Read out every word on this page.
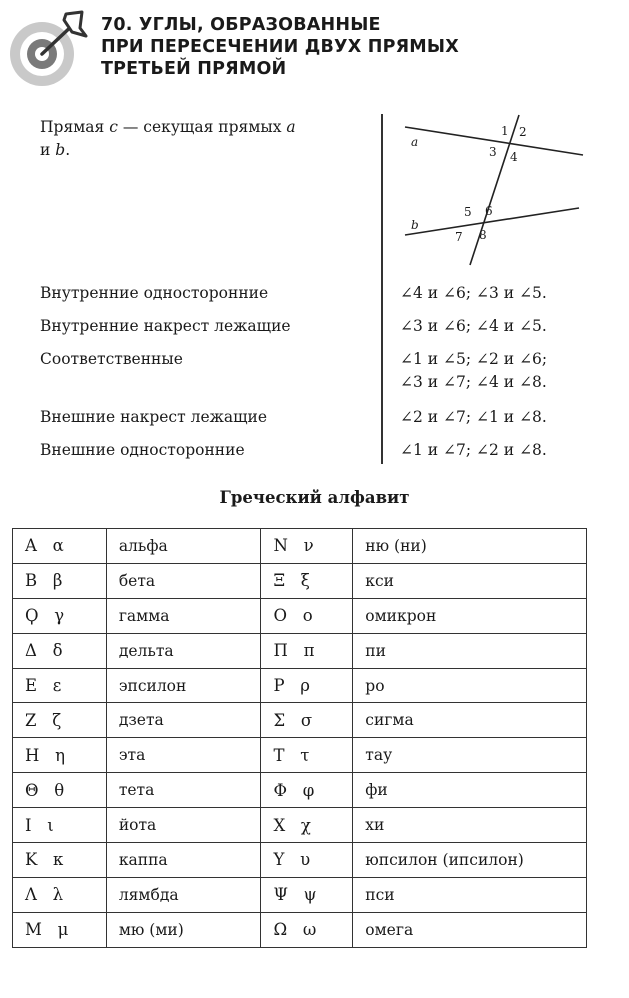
70. УГЛЫ, ОБРАЗОВАННЫЕ
ПРИ ПЕРЕСЕЧЕНИИ ДВУХ ПРЯМЫХ
ТРЕТЬЕЙ ПРЯМОЙ
Прямая c — секущая прямых a
и b.	a
b
1 2
3 4
5 6
7 8
Внутренние односторонние	∠4 и ∠6; ∠3 и ∠5.
Внутренние накрест лежащие	∠3 и ∠6; ∠4 и ∠5.
Соответственные	∠1 и ∠5; ∠2 и ∠6;
∠3 и ∠7; ∠4 и ∠8.
Внешние накрест лежащие	∠2 и ∠7; ∠1 и ∠8.
Внешние односторонние	∠1 и ∠7; ∠2 и ∠8.
Греческий алфавит
Α   α	альфа	Ν   ν	ню (ни)
Β   β	бета	Ξ   ξ	кси
Ϙ   γ	гамма	Ο   ο	омикрон
Δ   δ	дельта	Π   π	пи
Ε   ε	эпсилон	Ρ   ρ	ро
Ζ   ζ	дзета	Σ   σ	сигма
Η   η	эта	Τ   τ	тау
Θ   θ	тета	Φ   φ	фи
Ι   ι	йота	Χ   χ	хи
Κ   κ	каппа	Υ   υ	юпсилон (ипсилон)
Λ   λ	лямбда	Ψ   ψ	пси
Μ   μ	мю (ми)	Ω   ω	омега
